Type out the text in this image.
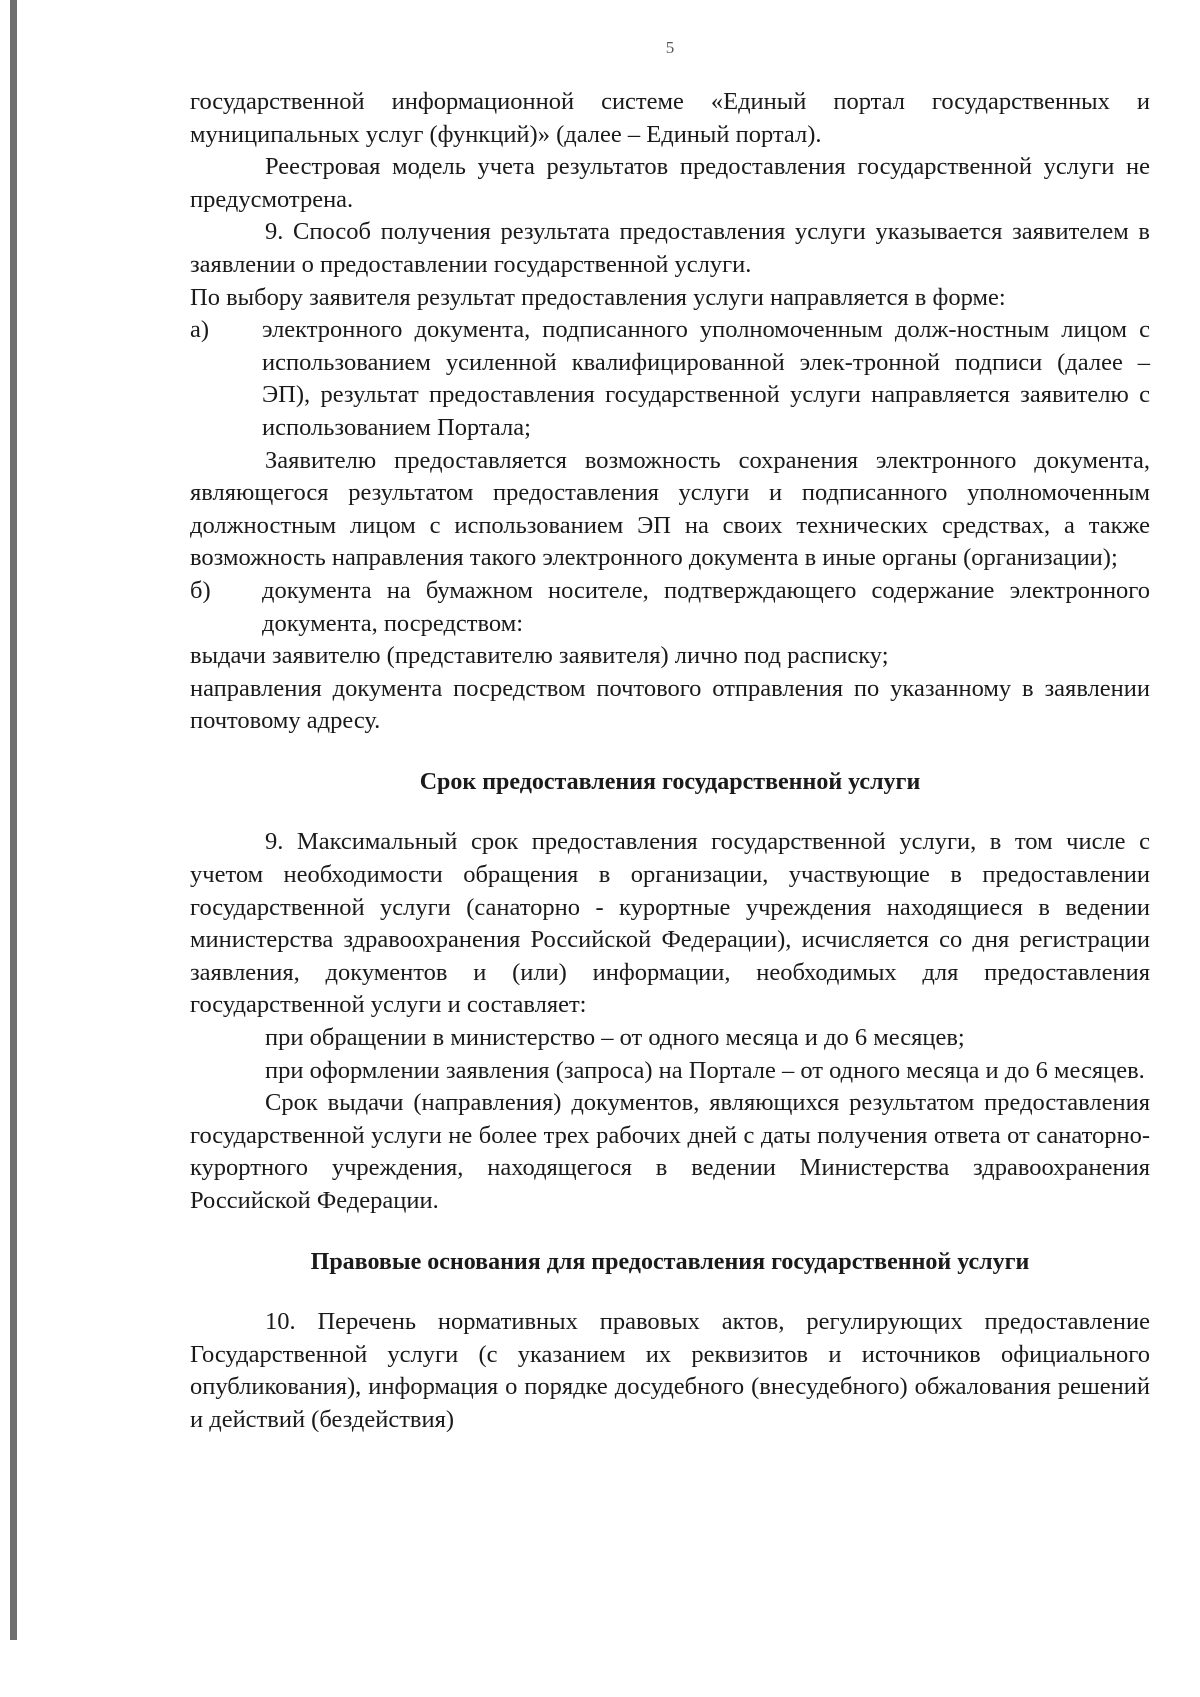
5

государственной информационной системе «Единый портал государственных и муниципальных услуг (функций)» (далее – Единый портал).

Реестровая модель учета результатов предоставления государственной услуги не предусмотрена.

9. Способ получения результата предоставления услуги указывается заявителем в заявлении о предоставлении государственной услуги.

По выбору заявителя результат предоставления услуги направляется в форме:

а)	электронного документа, подписанного уполномоченным долж-ностным лицом с использованием усиленной квалифицированной элек-тронной подписи (далее – ЭП), результат предоставления государственной услуги направляется заявителю с использованием Портала;

Заявителю предоставляется возможность сохранения электронного документа, являющегося результатом предоставления услуги и подписанного уполномоченным должностным лицом с использованием ЭП на своих технических средствах, а также возможность направления такого электронного документа в иные органы (организации);

б)	документа на бумажном носителе, подтверждающего содержание электронного документа, посредством:

выдачи заявителю (представителю заявителя) лично под расписку;

направления документа посредством почтового отправления по указанному в заявлении почтовому адресу.

Срок предоставления государственной услуги

9. Максимальный срок предоставления государственной услуги, в том числе с учетом необходимости обращения в организации, участвующие в предоставлении государственной услуги (санаторно - курортные учреждения находящиеся в ведении министерства здравоохранения Российской Федерации), исчисляется со дня регистрации заявления, документов и (или) информации, необходимых для предоставления государственной услуги и составляет:

при обращении в министерство – от одного месяца и до 6 месяцев;

при оформлении заявления (запроса) на Портале – от одного месяца и до 6 месяцев.

Срок выдачи (направления) документов, являющихся результатом предоставления государственной услуги не более трех рабочих дней с даты получения ответа от санаторно-курортного учреждения, находящегося в ведении Министерства здравоохранения Российской Федерации.

Правовые основания для предоставления государственной услуги

10. Перечень нормативных правовых актов, регулирующих предоставление Государственной услуги (с указанием их реквизитов и источников официального опубликования), информация о порядке досудебного (внесудебного) обжалования решений и действий (бездействия)
